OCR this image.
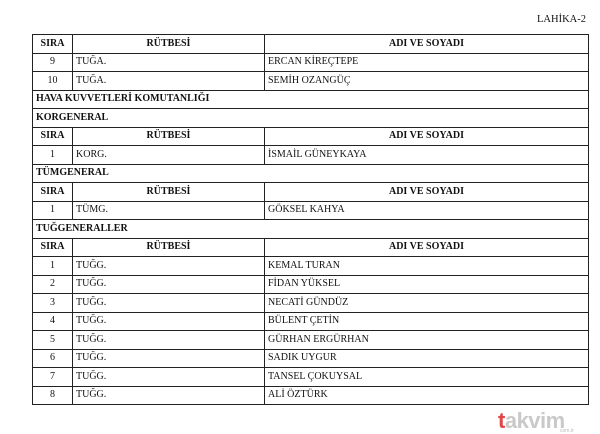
LAHİKA-2
SIRA	RÜTBESİ	ADI VE SOYADI
9	TUĞA.	ERCAN KİREÇTEPE
10	TUĞA.	SEMİH OZANGÜÇ
HAVA KUVVETLERİ KOMUTANLIĞI		
KORGENERAL		
SIRA	RÜTBESİ	ADI VE SOYADI
1	KORG.	İSMAİL GÜNEYKAYA
TÜMGENERAL		
SIRA	RÜTBESİ	ADI VE SOYADI
1	TÜMG.	GÖKSEL KAHYA
TUĞGENERALLER		
SIRA	RÜTBESİ	ADI VE SOYADI
1	TUĞG.	KEMAL TURAN
2	TUĞG.	FİDAN YÜKSEL
3	TUĞG.	NECATİ GÜNDÜZ
4	TUĞG.	BÜLENT ÇETİN
5	TUĞG.	GÜRHAN ERGÜRHAN
6	TUĞG.	SADIK UYGUR
7	TUĞG.	TANSEL ÇOKUYSAL
8	TUĞG.	ALİ ÖZTÜRK
takvim
com.tr
